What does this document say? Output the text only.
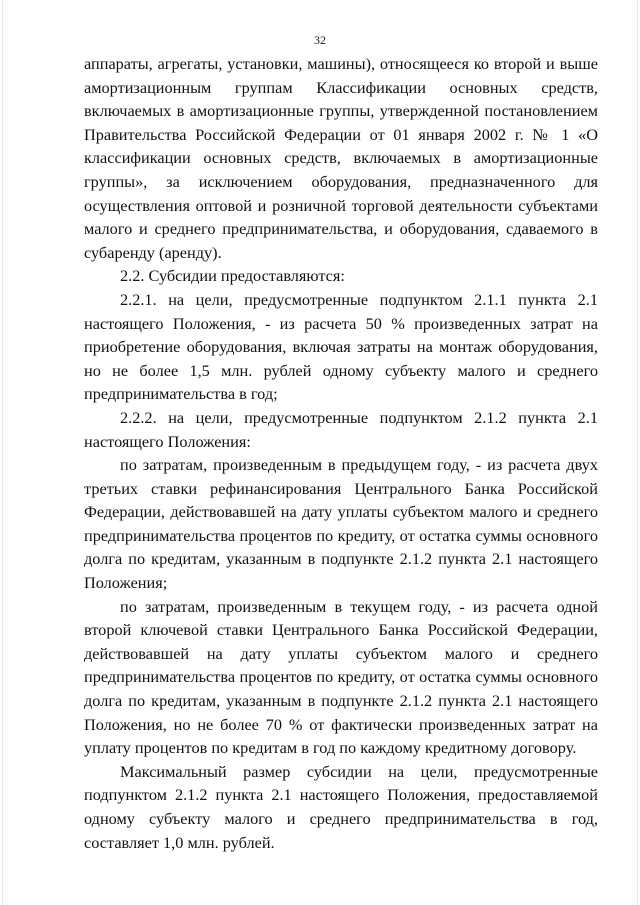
32

аппараты, агрегаты, установки, машины), относящееся ко второй и выше амортизационным группам Классификации основных средств, включаемых в амортизационные группы, утвержденной постановлением Правительства Российской Федерации от 01 января 2002 г. № 1 «О классификации основных средств, включаемых в амортизационные группы», за исключением оборудования, предназначенного для осуществления оптовой и розничной торговой деятельности субъектами малого и среднего предпринимательства, и оборудования, сдаваемого в субаренду (аренду).

2.2. Субсидии предоставляются:

2.2.1. на цели, предусмотренные подпунктом 2.1.1 пункта 2.1 настоящего Положения, - из расчета 50 % произведенных затрат на приобретение оборудования, включая затраты на монтаж оборудования, но не более 1,5 млн. рублей одному субъекту малого и среднего предпринимательства в год;

2.2.2. на цели, предусмотренные подпунктом 2.1.2 пункта 2.1 настоящего Положения:

по затратам, произведенным в предыдущем году, - из расчета двух третьих ставки рефинансирования Центрального Банка Российской Федерации, действовавшей на дату уплаты субъектом малого и среднего предпринимательства процентов по кредиту, от остатка суммы основного долга по кредитам, указанным в подпункте 2.1.2 пункта 2.1 настоящего Положения;

по затратам, произведенным в текущем году, - из расчета одной второй ключевой ставки Центрального Банка Российской Федерации, действовавшей на дату уплаты субъектом малого и среднего предпринимательства процентов по кредиту, от остатка суммы основного долга по кредитам, указанным в подпункте 2.1.2 пункта 2.1 настоящего Положения, но не более 70 % от фактически произведенных затрат на уплату процентов по кредитам в год по каждому кредитному договору.

Максимальный размер субсидии на цели, предусмотренные подпунктом 2.1.2 пункта 2.1 настоящего Положения, предоставляемой одному субъекту малого и среднего предпринимательства в год, составляет 1,0 млн. рублей.
